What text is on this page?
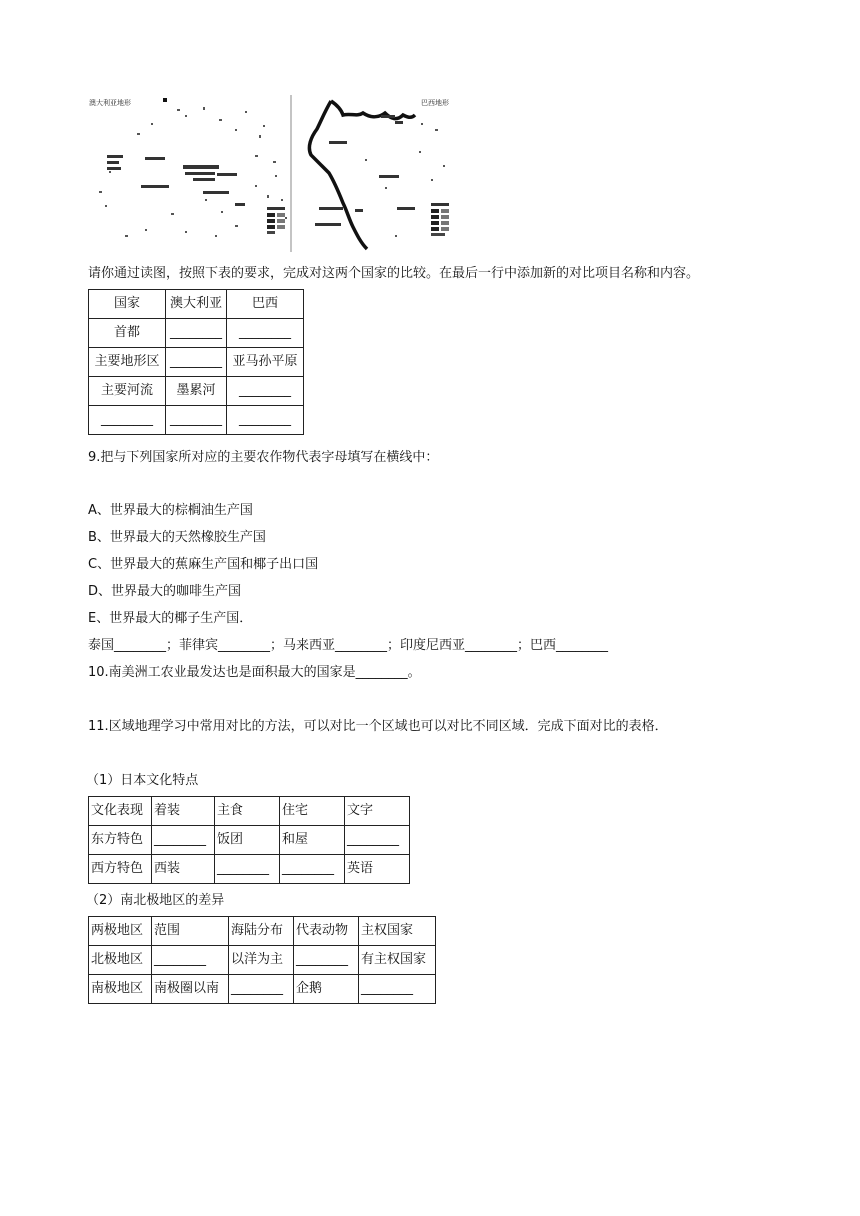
澳大利亚地形	巴西地形
请你通过读图，按照下表的要求，完成对这两个国家的比较。在最后一行中添加新的对比项目名称和内容。
国家	澳大利亚	巴西
首都	________	________
主要地形区	________	亚马孙平原
主要河流	墨累河	________
________	________	________
9.把与下列国家所对应的主要农作物代表字母填写在横线中：
A、世界最大的棕榈油生产国
B、世界最大的天然橡胶生产国
C、世界最大的蕉麻生产国和椰子出口国
D、世界最大的咖啡生产国
E、世界最大的椰子生产国．
泰国________；菲律宾________；马来西亚________；印度尼西亚________；巴西________
10.南美洲工农业最发达也是面积最大的国家是________。
11.区域地理学习中常用对比的方法，可以对比一个区域也可以对比不同区域．完成下面对比的表格．
（1）日本文化特点
文化表现	着装	主食	住宅	文字
东方特色	________	饭团	和屋	________
西方特色	西装	________	________	英语
（2）南北极地区的差异
两极地区	范围	海陆分布	代表动物	主权国家
北极地区	________	以洋为主	________	有主权国家
南极地区	南极圈以南	________	企鹅	________
